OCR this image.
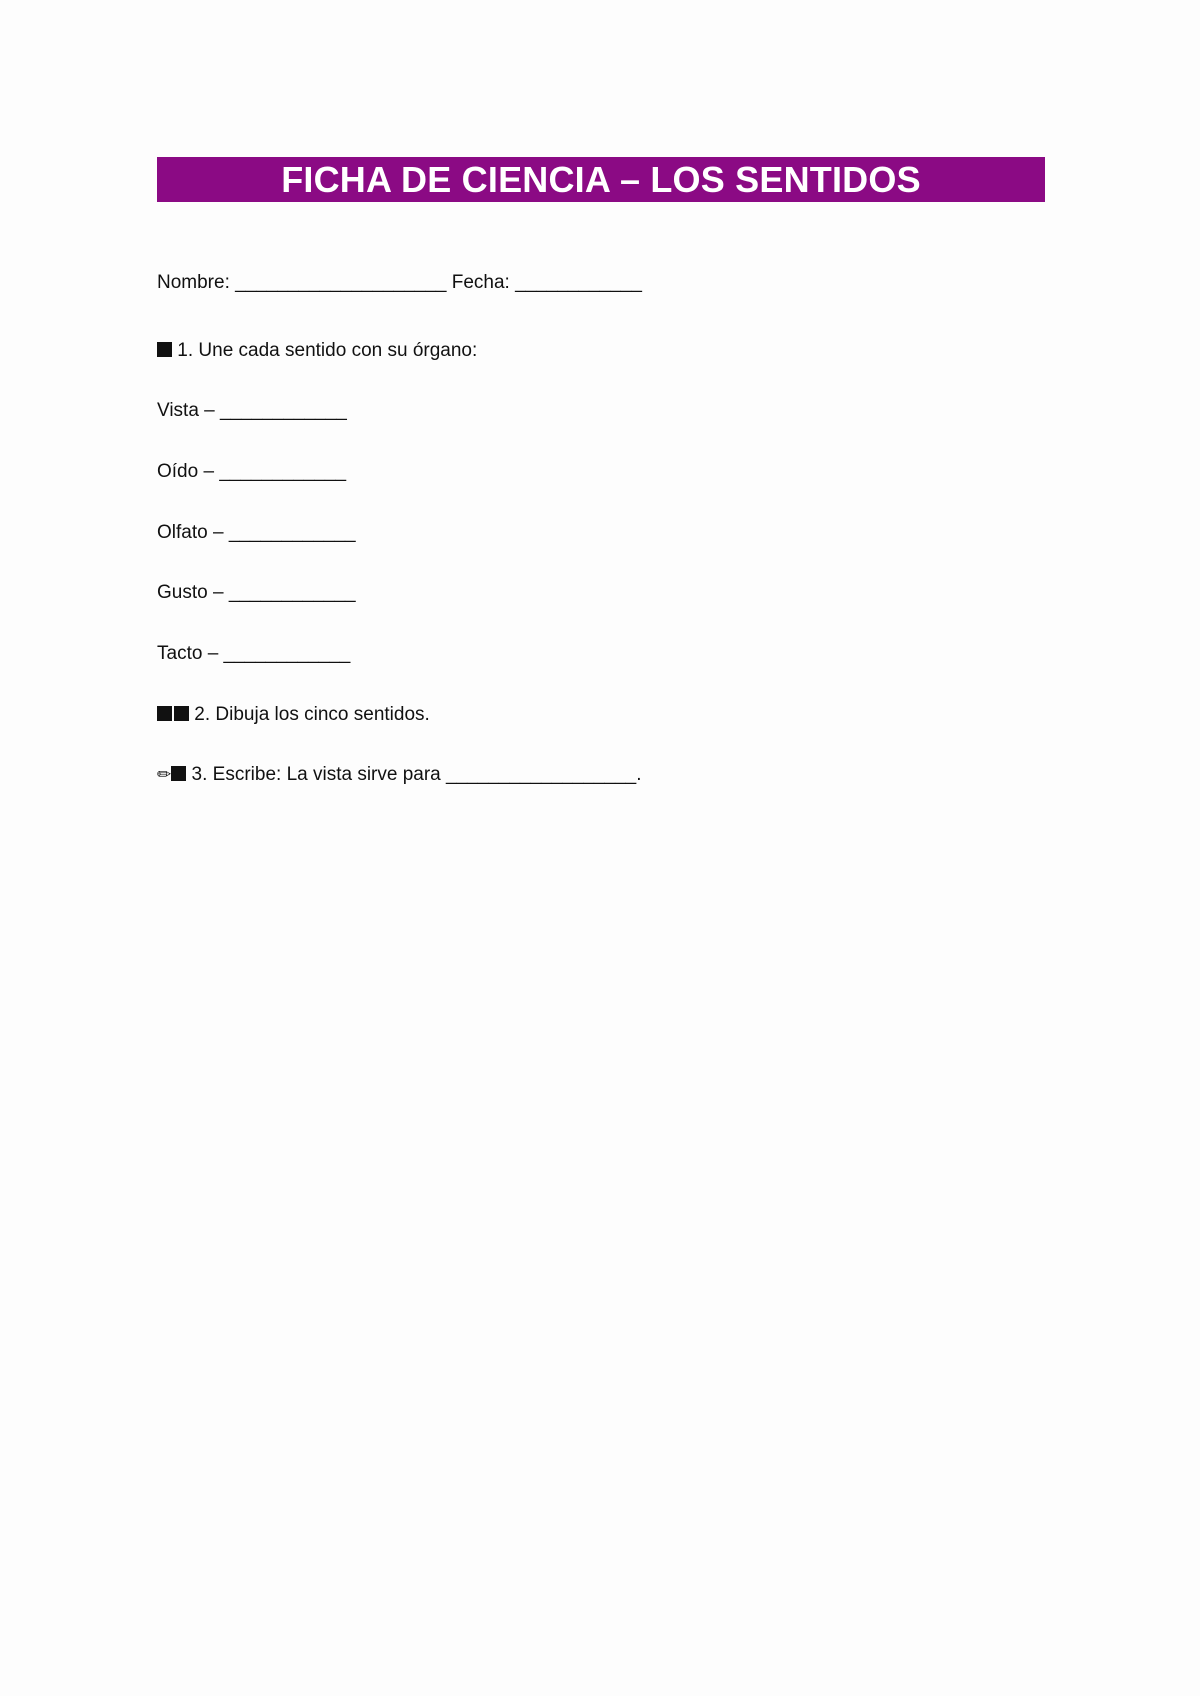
FICHA DE CIENCIA – LOS SENTIDOS
Nombre: ____________________ Fecha: ____________
1. Une cada sentido con su órgano:
Vista – ____________
Oído – ____________
Olfato – ____________
Gusto – ____________
Tacto – ____________
2. Dibuja los cinco sentidos.
✏ 3. Escribe: La vista sirve para __________________.
